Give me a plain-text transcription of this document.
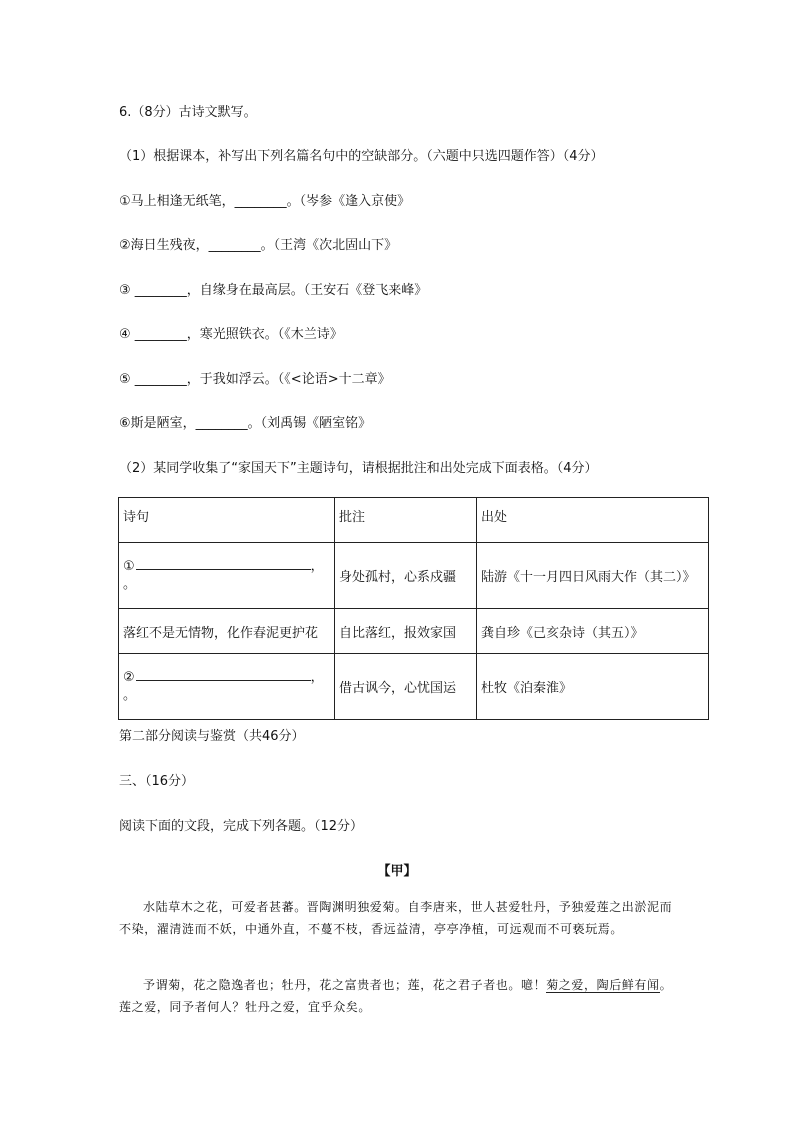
6.（8分）古诗文默写。
（1）根据课本，补写出下列名篇名句中的空缺部分。（六题中只选四题作答）（4分）
①马上相逢无纸笔，________。（岑参《逢入京使》
②海日生残夜，________。（王湾《次北固山下》
③ ________，自缘身在最高层。（王安石《登飞来峰》
④ ________，寒光照铁衣。（《木兰诗》
⑤ ________，于我如浮云。（《<论语>十二章》
⑥斯是陋室，________。（刘禹锡《陋室铭》
（2）某同学收集了“家国天下”主题诗句，请根据批注和出处完成下面表格。（4分）
诗句	批注	出处

① ，
。	身处孤村，心系戍疆	陆游《十一月四日风雨大作（其二）》
落红不是无情物，化作春泥更护花	自比落红，报效家国	龚自珍《己亥杂诗（其五）》

② ，
。	借古讽今，心忧国运	杜牧《泊秦淮》
第二部分阅读与鉴赏（共46分）
三、（16分）
阅读下面的文段，完成下列各题。（12分）
【甲】
水陆草木之花，可爱者甚蕃。晋陶渊明独爱菊。自李唐来，世人甚爱牡丹，予独爱莲之出淤泥而不染，濯清涟而不妖，中通外直，不蔓不枝，香远益清，亭亭净植，可远观而不可亵玩焉。
予谓菊，花之隐逸者也；牡丹，花之富贵者也；莲，花之君子者也。噫！菊之爱，陶后鲜有闻。莲之爱，同予者何人？牡丹之爱，宜乎众矣。
